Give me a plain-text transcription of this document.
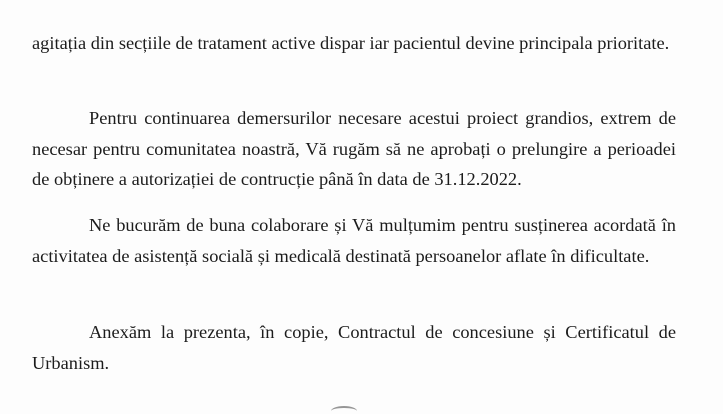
agitația din secțiile de tratament active dispar iar pacientul devine principala prioritate.

Pentru continuarea demersurilor necesare acestui proiect grandios, extrem de necesar pentru comunitatea noastră, Vă rugăm să ne aprobați o prelungire a perioadei de obținere a autorizației de contrucție până în data de 31.12.2022.

Ne bucurăm de buna colaborare și Vă mulțumim pentru susținerea acordată în activitatea de asistență socială și medicală destinată persoanelor aflate în dificultate.

Anexăm la prezenta, în copie, Contractul de concesiune și Certificatul de Urbanism.
